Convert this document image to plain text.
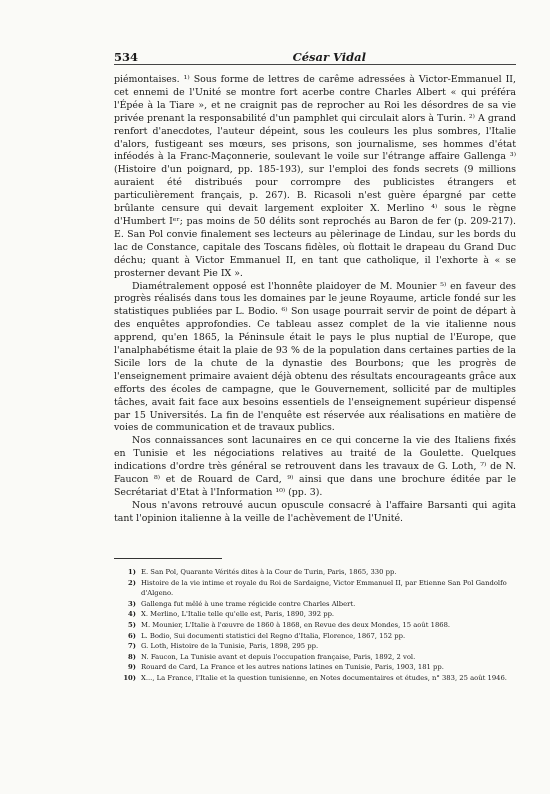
534	César Vidal

piémontaises. ¹⁾ Sous forme de lettres de carême adressées à Victor-Emmanuel II, cet ennemi de l'Unité se montre fort acerbe contre Charles Albert « qui préféra l'Épée à la Tiare », et ne craignit pas de reprocher au Roi les désordres de sa vie privée prenant la responsabilité d'un pamphlet qui circulait alors à Turin. ²⁾ A grand renfort d'anecdotes, l'auteur dépeint, sous les couleurs les plus sombres, l'Italie d'alors, fustigeant ses mœurs, ses prisons, son journalisme, ses hommes d'état inféodés à la Franc-Maçonnerie, soulevant le voile sur l'étrange affaire Gallenga ³⁾ (Histoire d'un poignard, pp. 185-193), sur l'emploi des fonds secrets (9 millions auraient été distribués pour corrompre des publicistes étrangers et particulièrement français, p. 267). B. Ricasoli n'est guère épargné par cette brûlante censure qui devait largement exploiter X. Merlino ⁴⁾ sous le règne d'Humbert Iᵉʳ; pas moins de 50 délits sont reprochés au Baron de fer (p. 209-217). E. San Pol convie finalement ses lecteurs au pèlerinage de Lindau, sur les bords du lac de Constance, capitale des Toscans fidèles, où flottait le drapeau du Grand Duc déchu; quant à Victor Emmanuel II, en tant que catholique, il l'exhorte à « se prosterner devant Pie IX ».

Diamétralement opposé est l'honnête plaidoyer de M. Mounier ⁵⁾ en faveur des progrès réalisés dans tous les domaines par le jeune Royaume, article fondé sur les statistiques publiées par L. Bodio. ⁶⁾ Son usage pourrait servir de point de départ à des enquêtes approfondies. Ce tableau assez complet de la vie italienne nous apprend, qu'en 1865, la Péninsule était le pays le plus nuptial de l'Europe, que l'analphabétisme était la plaie de 93 % de la population dans certaines parties de la Sicile lors de la chute de la dynastie des Bourbons; que les progrès de l'enseignement primaire avaient déjà obtenu des résultats encourageants grâce aux efforts des écoles de campagne, que le Gouvernement, sollicité par de multiples tâches, avait fait face aux besoins essentiels de l'enseignement supérieur dispensé par 15 Universités. La fin de l'enquête est réservée aux réalisations en matière de voies de communication et de travaux publics.

Nos connaissances sont lacunaires en ce qui concerne la vie des Italiens fixés en Tunisie et les négociations relatives au traité de la Goulette. Quelques indications d'ordre très général se retrouvent dans les travaux de G. Loth, ⁷⁾ de N. Faucon ⁸⁾ et de Rouard de Card, ⁹⁾ ainsi que dans une brochure éditée par le Secrétariat d'Etat à l'Information ¹⁰⁾ (pp. 3).

Nous n'avons retrouvé aucun opuscule consacré à l'affaire Barsanti qui agita tant l'opinion italienne à la veille de l'achèvement de l'Unité.

1) E. San Pol, Quarante Vérités dites à la Cour de Turin, Paris, 1865, 330 pp.
2) Histoire de la vie intime et royale du Roi de Sardaigne, Victor Emmanuel II, par Etienne San Pol Gandolfo d'Algeno.
3) Gallenga fut mêlé à une trame régicide contre Charles Albert.
4) X. Merlino, L'Italie telle qu'elle est, Paris, 1890, 392 pp.
5) M. Mounier, L'Italie à l'œuvre de 1860 à 1868, en Revue des deux Mondes, 15 août 1868.
6) L. Bodio, Sui documenti statistici del Regno d'Italia, Florence, 1867, 152 pp.
7) G. Loth, Histoire de la Tunisie, Paris, 1898, 295 pp.
8) N. Faucon, La Tunisie avant et depuis l'occupation française, Paris, 1892, 2 vol.
9) Rouard de Card, La France et les autres nations latines en Tunisie, Paris, 1903, 181 pp.
10) X..., La France, l'Italie et la question tunisienne, en Notes documentaires et études, n° 383, 25 août 1946.
